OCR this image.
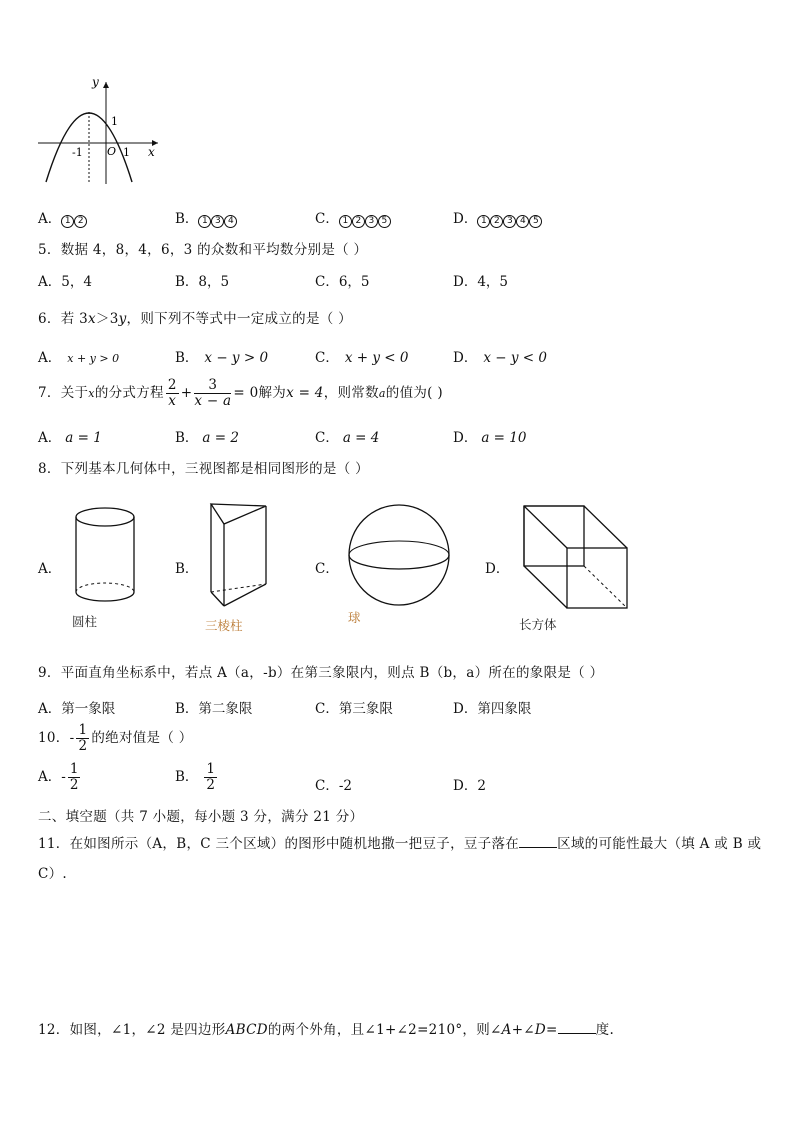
y
x
O
-1	1
1
A． 1 2	B． 1 3 4	C． 1 2 3 5	D． 1 2 3 4 5
5．数据 4，8，4，6，3 的众数和平均数分别是（ ）
A．5，4	B．8，5	C．6，5	D．4，5
6．若 3x＞3y，则下列不等式中一定成立的是（ ）
A． x + y > 0	B． x − y > 0	C． x + y < 0	D． x − y < 0
7．关于x的分式方程 $\frac{2}{x} + \frac{3}{x - a} = 0$解为x = 4，则常数a的值为( )
A． a = 1	B． a = 2	C． a = 4	D． a = 10
8．下列基本几何体中，三视图都是相同图形的是（ ）
A．	B．	C．	D．
圆柱	三棱柱
球	长方体
9．平面直角坐标系中，若点 A（a，-b）在第三象限内，则点 B（b，a）所在的象限是（ ）
A．第一象限	B．第二象限	C．第三象限	D．第四象限
10．- $\frac{1}{2}$ 的绝对值是（ ）
A．- $\frac{1}{2}$	B． $\frac{1}{2}$	C．-2	D．2
二、填空题（共 7 小题，每小题 3 分，满分 21 分）
11．在如图所示（A，B，C 三个区域）的图形中随机地撒一把豆子，豆子落在	区域的可能性最大（填 A 或 B 或
C）.
12．如图，∠1，∠2 是四边形ABCD的两个外角，且∠1+∠2=210°，则∠A+∠D=	度.
